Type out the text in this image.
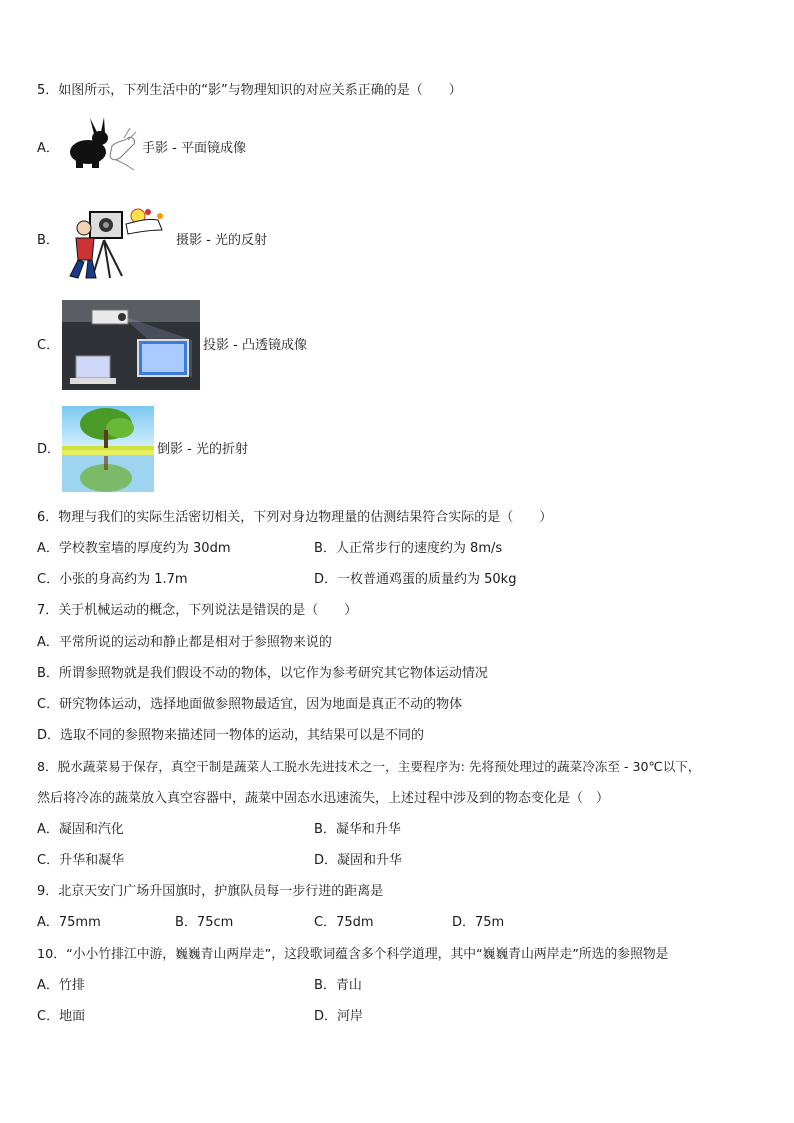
5．如图所示，下列生活中的“影”与物理知识的对应关系正确的是（　　）
A．	手影 - 平面镜成像
B．	摄影 - 光的反射
C．	投影 - 凸透镜成像
D．	倒影 - 光的折射
6．物理与我们的实际生活密切相关，下列对身边物理量的估测结果符合实际的是（　　）
A．学校教室墙的厚度约为 30dm	B．人正常步行的速度约为 8m/s
C．小张的身高约为 1.7m	D．一枚普通鸡蛋的质量约为 50kg
7．关于机械运动的概念，下列说法是错误的是（　　）
A．平常所说的运动和静止都是相对于参照物来说的
B．所谓参照物就是我们假设不动的物体，以它作为参考研究其它物体运动情况
C．研究物体运动，选择地面做参照物最适宜，因为地面是真正不动的物体
D．选取不同的参照物来描述同一物体的运动，其结果可以是不同的
8．脱水蔬菜易于保存，真空干制是蔬菜人工脱水先进技术之一，主要程序为: 先将预处理过的蔬菜冷冻至 - 30℃以下，
然后将冷冻的蔬菜放入真空容器中，蔬菜中固态水迅速流失，上述过程中涉及到的物态变化是（　）
A．凝固和汽化	B．凝华和升华
C．升华和凝华	D．凝固和升华
9．北京天安门广场升国旗时，护旗队员每一步行进的距离是
A．75mm	B．75cm	C．75dm	D．75m
10．“小小竹排江中游，巍巍青山两岸走”，这段歌词蕴含多个科学道理，其中“巍巍青山两岸走”所选的参照物是
A．竹排	B．青山
C．地面	D．河岸
